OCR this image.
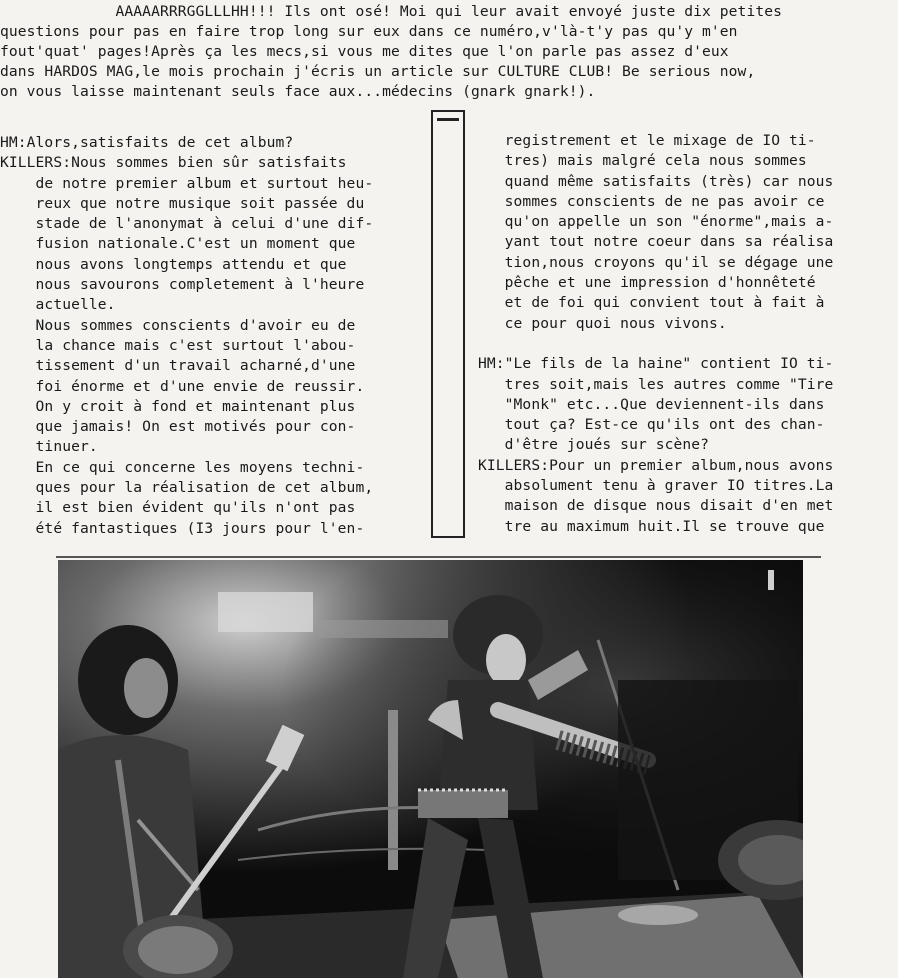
AAAAARRRGGLLLHH!!! Ils ont osé! Moi qui leur avait envoyé juste dix petites

questions pour pas en faire trop long sur eux dans ce numéro,v'là-t'y pas qu'y m'en

fout'quat' pages!Après ça les mecs,si vous me dites que l'on parle pas assez d'eux

dans HARDOS MAG,le mois prochain j'écris un article sur CULTURE CLUB! Be serious now,

on vous laisse maintenant seuls face aux...médecins (gnark gnark!).

HM:Alors,satisfaits de cet album?

KILLERS:Nous sommes bien sûr satisfaits

de notre premier album et surtout heu-

reux que notre musique soit passée du

stade de l'anonymat à celui d'une dif-

fusion nationale.C'est un moment que

nous avons longtemps attendu et que

nous savourons completement à l'heure

actuelle.

Nous sommes conscients d'avoir eu de

la chance mais c'est surtout l'abou-

tissement d'un travail acharné,d'une

foi énorme et d'une envie de reussir.

On y croit à fond et maintenant plus

que jamais! On est motivés pour con-

tinuer.

En ce qui concerne les moyens techni-

ques pour la réalisation de cet album,

il est bien évident qu'ils n'ont pas

été fantastiques (I3 jours pour l'en-

registrement et le mixage de IO ti-

tres) mais malgré cela nous sommes

quand même satisfaits (très) car nous

sommes conscients de ne pas avoir ce

qu'on appelle un son "énorme",mais a-

yant tout notre coeur dans sa réalisa

tion,nous croyons qu'il se dégage une

pêche et une impression d'honnêteté

et de foi qui convient tout à fait à

ce pour quoi nous vivons.

HM:"Le fils de la haine" contient IO ti-

tres soit,mais les autres comme "Tire

"Monk" etc...Que deviennent-ils dans

tout ça? Est-ce qu'ils ont des chan-

d'être joués sur scène?

KILLERS:Pour un premier album,nous avons

absolument tenu à graver IO titres.La

maison de disque nous disait d'en met

tre au maximum huit.Il se trouve que
